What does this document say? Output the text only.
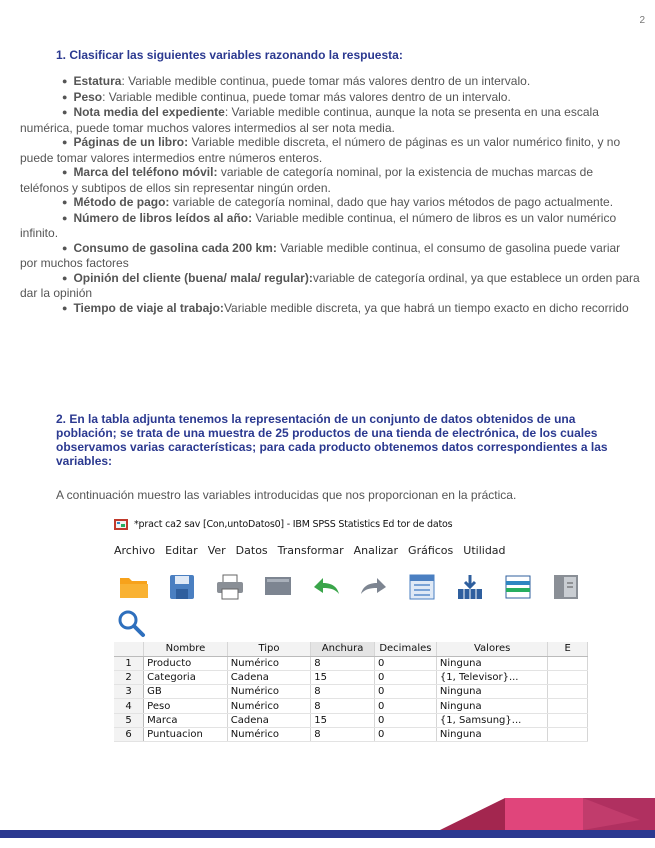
2
1. Clasificar las siguientes variables razonando la respuesta:
● Estatura: Variable medible continua, puede tomar más valores dentro de un intervalo.
● Peso: Variable medible continua, puede tomar más valores dentro de un intervalo.
● Nota media del expediente: Variable medible continua, aunque la nota se presenta en una escala numérica, puede tomar muchos valores intermedios al ser nota media.
● Páginas de un libro: Variable medible discreta, el número de páginas es un valor numérico finito, y no puede tomar valores intermedios entre números enteros.
● Marca del teléfono móvil: variable de categoría nominal, por la existencia de muchas marcas de teléfonos y subtipos de ellos sin representar ningún orden.
● Método de pago: variable de categoría nominal, dado que hay varios métodos de pago actualmente.
● Número de libros leídos al año: Variable medible continua, el número de libros es un valor numérico infinito.
● Consumo de gasolina cada 200 km: Variable medible continua, el consumo de gasolina puede variar por muchos factores
● Opinión del cliente (buena/ mala/ regular):variable de categoría ordinal, ya que establece un orden para dar la opinión
● Tiempo de viaje al trabajo:Variable medible discreta, ya que habrá un tiempo exacto en dicho recorrido
2. En la tabla adjunta tenemos la representación de un conjunto de datos obtenidos de una población; se trata de una muestra de 25 productos de una tienda de electrónica, de los cuales observamos varias características; para cada producto obtenemos datos correspondientes a las variables:
A continuación muestro las variables introducidas que nos proporcionan en la práctica.
*pract ca2 sav [Con,untoDatos0] - IBM SPSS Statistics Ed tor de datos
Archivo Editar Ver Datos Transformar Analizar Gráficos Utilidad
	Nombre	Tipo	Anchura	Decimales	Valores	E
1	Producto	Numérico	8	0	Ninguna	
2	Categoria	Cadena	15	0	{1, Televisor}...	
3	GB	Numérico	8	0	Ninguna	
4	Peso	Numérico	8	0	Ninguna	
5	Marca	Cadena	15	0	{1, Samsung}...	
6	Puntuacion	Numérico	8	0	Ninguna	
